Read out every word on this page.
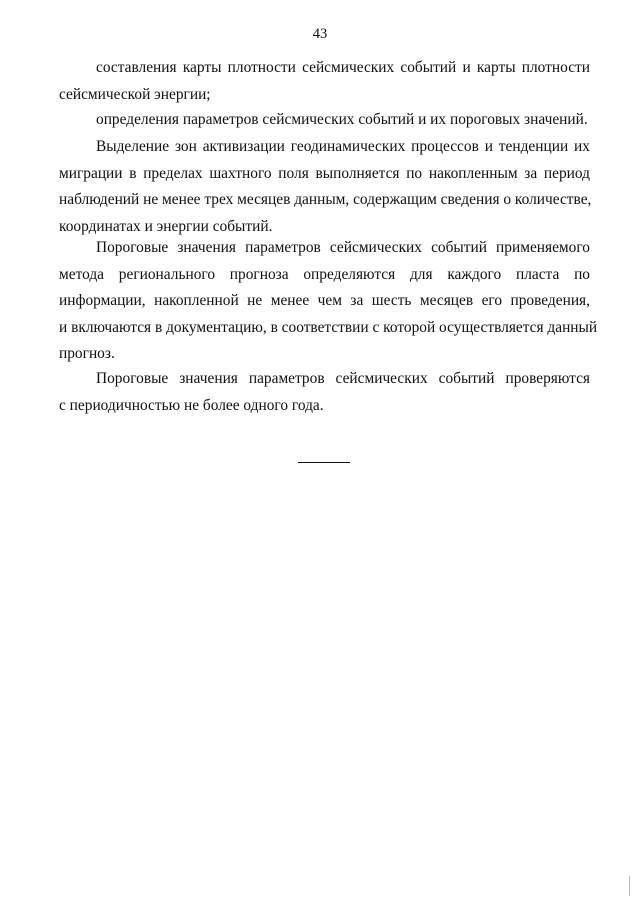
43
составления карты плотности сейсмических событий и карты плотности
сейсмической энергии;
определения параметров сейсмических событий и их пороговых значений.
Выделение зон активизации геодинамических процессов и тенденции их
миграции в пределах шахтного поля выполняется по накопленным за период
наблюдений не менее трех месяцев данным, содержащим сведения о количестве,
координатах и энергии событий.
Пороговые значения параметров сейсмических событий применяемого
метода регионального прогноза определяются для каждого пласта по
информации, накопленной не менее чем за шесть месяцев его проведения,
и включаются в документацию, в соответствии с которой осуществляется данный
прогноз.
Пороговые значения параметров сейсмических событий проверяются
с периодичностью не более одного года.
